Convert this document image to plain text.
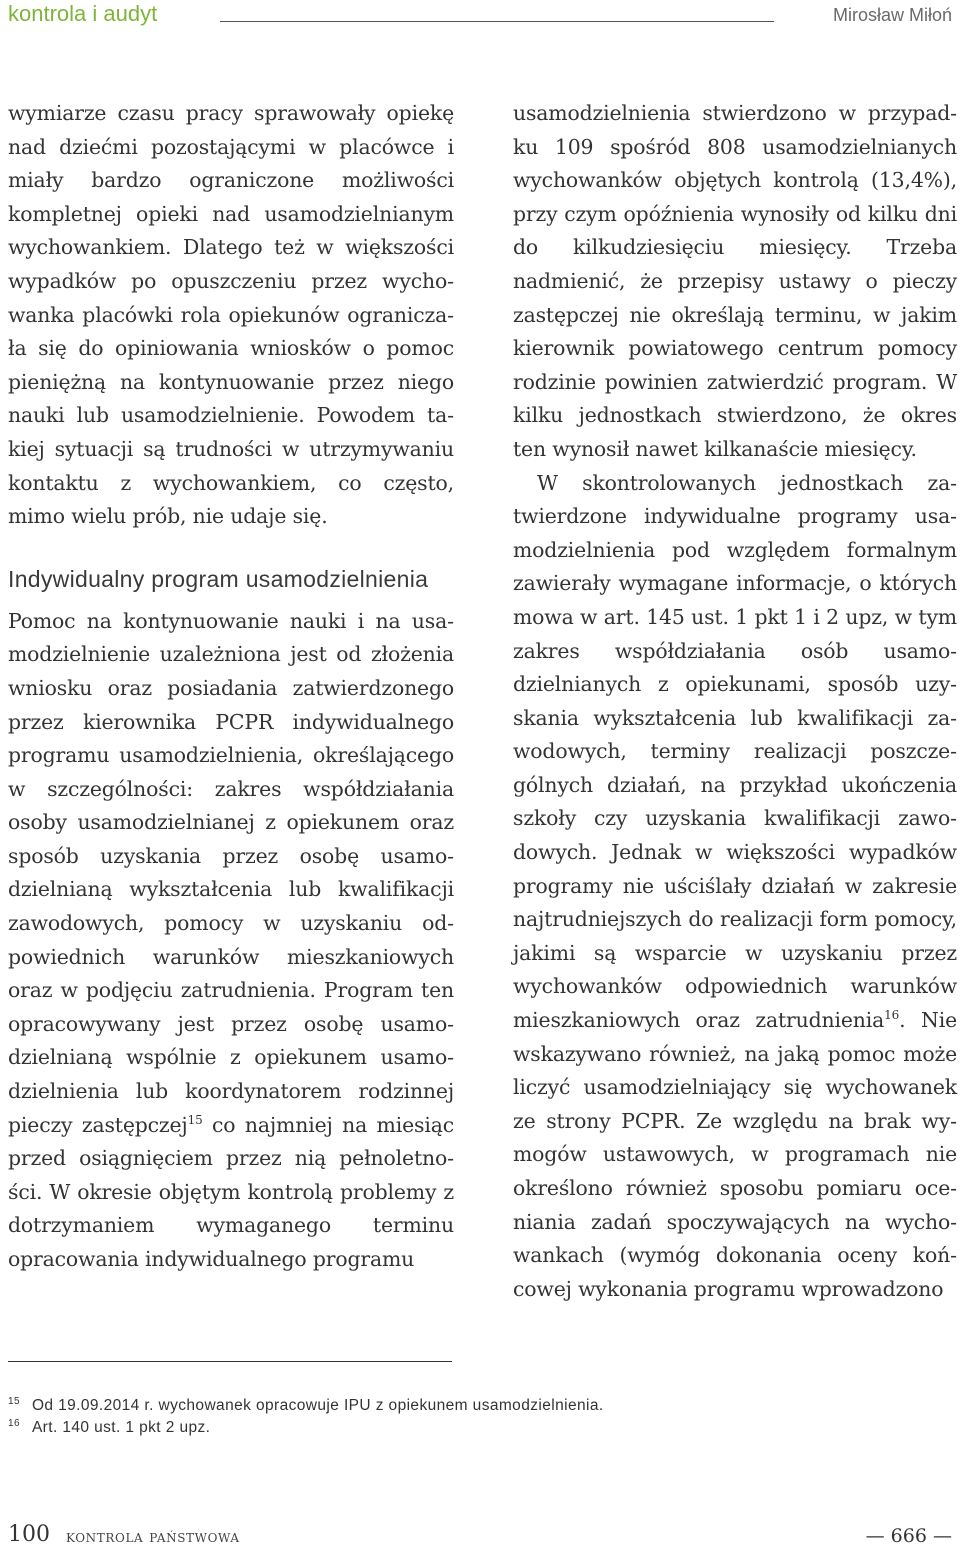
kontrola i audyt	Mirosław Miłoń

wymiarze czasu pracy sprawowały opiekę nad dziećmi pozostającymi w placówce i miały bardzo ograniczone możliwości kompletnej opieki nad usamodzielnianym wychowankiem. Dlatego też w większości wypadków po opuszczeniu przez wychowanka placówki rola opiekunów ograniczała się do opiniowania wniosków o pomoc pieniężną na kontynuowanie przez niego nauki lub usamodzielnienie. Powodem takiej sytuacji są trudności w utrzymywaniu kontaktu z wychowankiem, co często, mimo wielu prób, nie udaje się.

Indywidualny program usamodzielnienia

Pomoc na kontynuowanie nauki i na usamodzielnienie uzależniona jest od złożenia wniosku oraz posiadania zatwierdzonego przez kierownika PCPR indywidualnego programu usamodzielnienia, określającego w szczególności: zakres współdziałania osoby usamodzielnianej z opiekunem oraz sposób uzyskania przez osobę usamodzielnianą wykształcenia lub kwalifikacji zawodowych, pomocy w uzyskaniu odpowiednich warunków mieszkaniowych oraz w podjęciu zatrudnienia. Program ten opracowywany jest przez osobę usamodzielnianą wspólnie z opiekunem usamodzielnienia lub koordynatorem rodzinnej pieczy zastępczej$^{15}$ co najmniej na miesiąc przed osiągnięciem przez nią pełnoletności. W okresie objętym kontrolą problemy z dotrzymaniem wymaganego terminu opracowania indywidualnego programu

usamodzielnienia stwierdzono w przypadku 109 spośród 808 usamodzielnianych wychowanków objętych kontrolą (13,4%), przy czym opóźnienia wynosiły od kilku dni do kilkudziesięciu miesięcy. Trzeba nadmienić, że przepisy ustawy o pieczy zastępczej nie określają terminu, w jakim kierownik powiatowego centrum pomocy rodzinie powinien zatwierdzić program. W kilku jednostkach stwierdzono, że okres ten wynosił nawet kilkanaście miesięcy.

W skontrolowanych jednostkach zatwierdzone indywidualne programy usamodzielnienia pod względem formalnym zawierały wymagane informacje, o których mowa w art. 145 ust. 1 pkt 1 i 2 upz, w tym zakres współdziałania osób usamodzielnianych z opiekunami, sposób uzyskania wykształcenia lub kwalifikacji zawodowych, terminy realizacji poszczególnych działań, na przykład ukończenia szkoły czy uzyskania kwalifikacji zawodowych. Jednak w większości wypadków programy nie uściślały działań w zakresie najtrudniejszych do realizacji form pomocy, jakimi są wsparcie w uzyskaniu przez wychowanków odpowiednich warunków mieszkaniowych oraz zatrudnienia$^{16}$. Nie wskazywano również, na jaką pomoc może liczyć usamodzielniający się wychowanek ze strony PCPR. Ze względu na brak wymogów ustawowych, w programach nie określono również sposobu pomiaru oceniania zadań spoczywających na wychowankach (wymóg dokonania oceny końcowej wykonania programu wprowadzono

$^{15}$ Od 19.09.2014 r. wychowanek opracowuje IPU z opiekunem usamodzielnienia.
$^{16}$ Art. 140 ust. 1 pkt 2 upz.
100 kontrola państwowa	— 666 —
